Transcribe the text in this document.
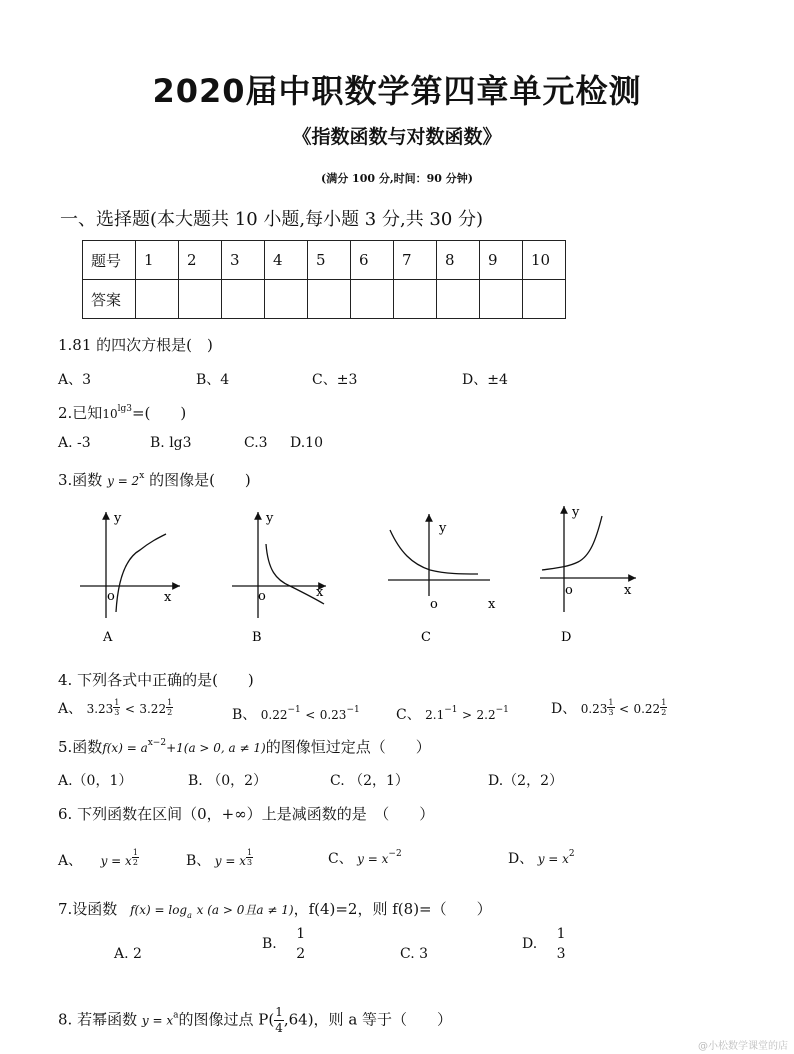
2020届中职数学第四章单元检测
《指数函数与对数函数》
(满分 100 分,时间：90 分钟)
一、选择题(本大题共 10 小题,每小题 3 分,共 30 分)
题号	1	2	3	4	5	6	7	8	9	10
答案										
1.81 的四次方根是(　)
A、3	B、4	C、±3	D、±4
2.已知$10^{lg3}=$(　　)
A. -3	B. lg3	C.3 D.10
3.函数 $y = 2^x$ 的图像是(　　)
y
o	x
A
y
o	x
B
y
o	x
C
y
o	x
D
4. 下列各式中正确的是(　　)
A、 $3.23 \frac{1}{3} < 3.22 \frac{1}{2}$	B、 $0.22^{-1} < 0.23^{-1}$	C、 $2.1^{-1} > 2.2^{-1}$	D、 $0.23 \frac{1}{3} < 0.22 \frac{1}{2}$
5.函数$f(x) = a^{x-2}+1(a > 0$, a ≠ 1)的图像恒过定点（　　）
A.（0，1）	B. （0，2）	C. （2，1）	D.（2，2）
6. 下列函数在区间（0，+∞）上是减函数的是　（　　）
A、 y = x $\frac{1}{2}$	B、 y = x $\frac{1}{3}$	C、 $y = x^{-2}$	D、 $y = x^2$
7.设函数 $f(x) = \log_a x$ (a > 0且a ≠ 1)，f(4)=2，则 f(8)=（　　）
A. 2
B.
1
2	C. 3
D.
1
3
8. 若幂函数 $y = x^a$的图像过点 $P( \frac{1}{4} ,64)$，则 a 等于（　　）
@小松数学课堂的店
